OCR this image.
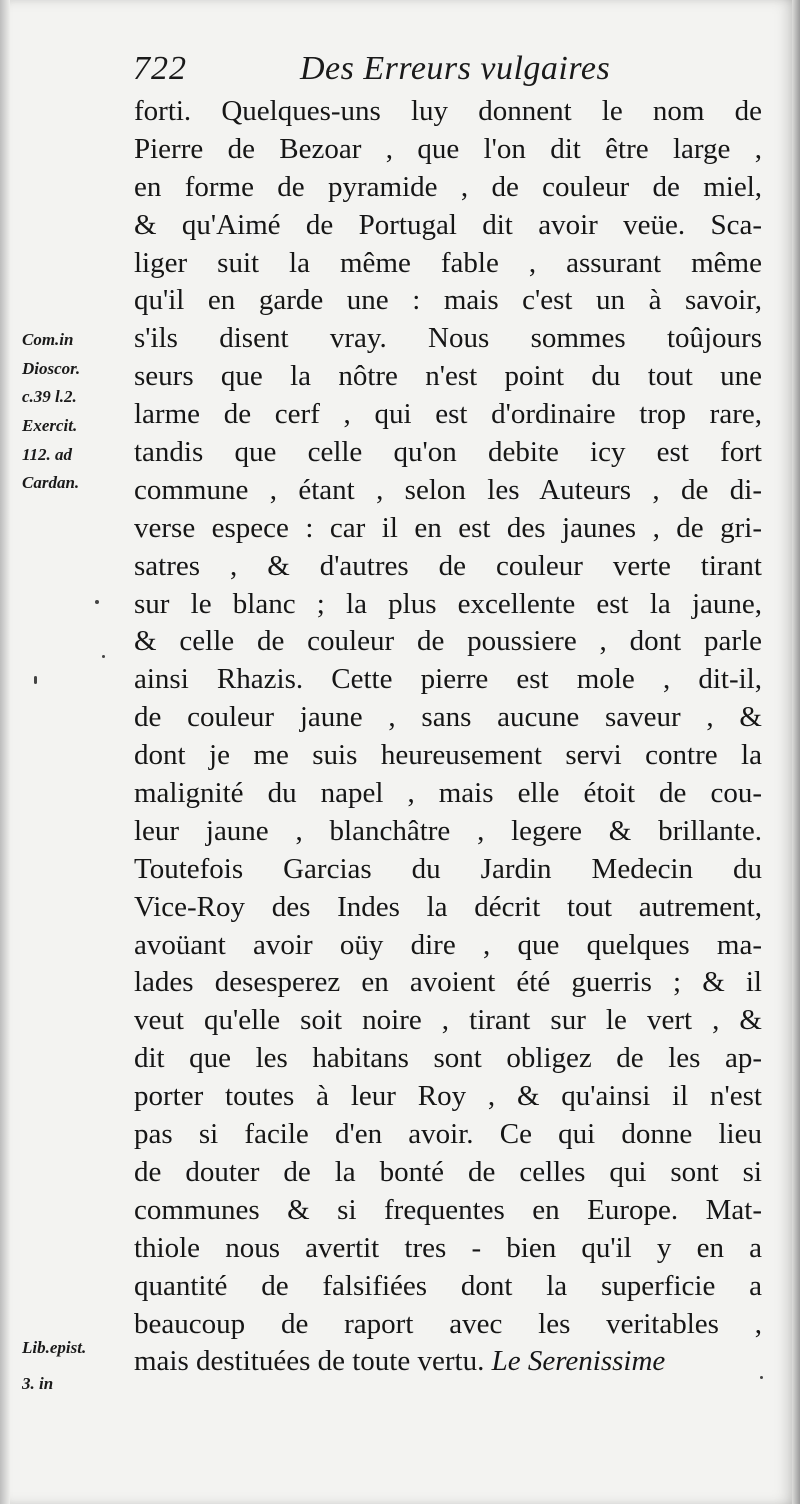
722	Des Erreurs vulgaires
Com.in
Dioscor.
c.39 l.2.
Exercit.
112. ad
Cardan.
Lib.epist.
3. in
forti. Quelques-uns luy donnent le nom de
Pierre de Bezoar , que l'on dit être large ,
en forme de pyramide , de couleur de miel,
& qu'Aimé de Portugal dit avoir veüe. Sca-
liger suit la même fable , assurant même
qu'il en garde une : mais c'est un à savoir,
s'ils disent vray. Nous sommes toûjours
seurs que la nôtre n'est point du tout une
larme de cerf , qui est d'ordinaire trop rare,
tandis que celle qu'on debite icy est fort
commune , étant , selon les Auteurs , de di-
verse espece : car il en est des jaunes , de gri-
satres , & d'autres de couleur verte tirant
sur le blanc ; la plus excellente est la jaune,
& celle de couleur de poussiere , dont parle
ainsi Rhazis. Cette pierre est mole , dit-il,
de couleur jaune , sans aucune saveur , &
dont je me suis heureusement servi contre la
malignité du napel , mais elle étoit de cou-
leur jaune , blanchâtre , legere & brillante.
Toutefois Garcias du Jardin Medecin du
Vice-Roy des Indes la décrit tout autrement,
avoüant avoir oüy dire , que quelques ma-
lades desesperez en avoient été guerris ; & il
veut qu'elle soit noire , tirant sur le vert , &
dit que les habitans sont obligez de les ap-
porter toutes à leur Roy , & qu'ainsi il n'est
pas si facile d'en avoir. Ce qui donne lieu
de douter de la bonté de celles qui sont si
communes & si frequentes en Europe. Mat-
thiole nous avertit tres - bien qu'il y en a
quantité de falsifiées dont la superficie a
beaucoup de raport avec les veritables ,
mais destituées de toute vertu. Le Serenissime
